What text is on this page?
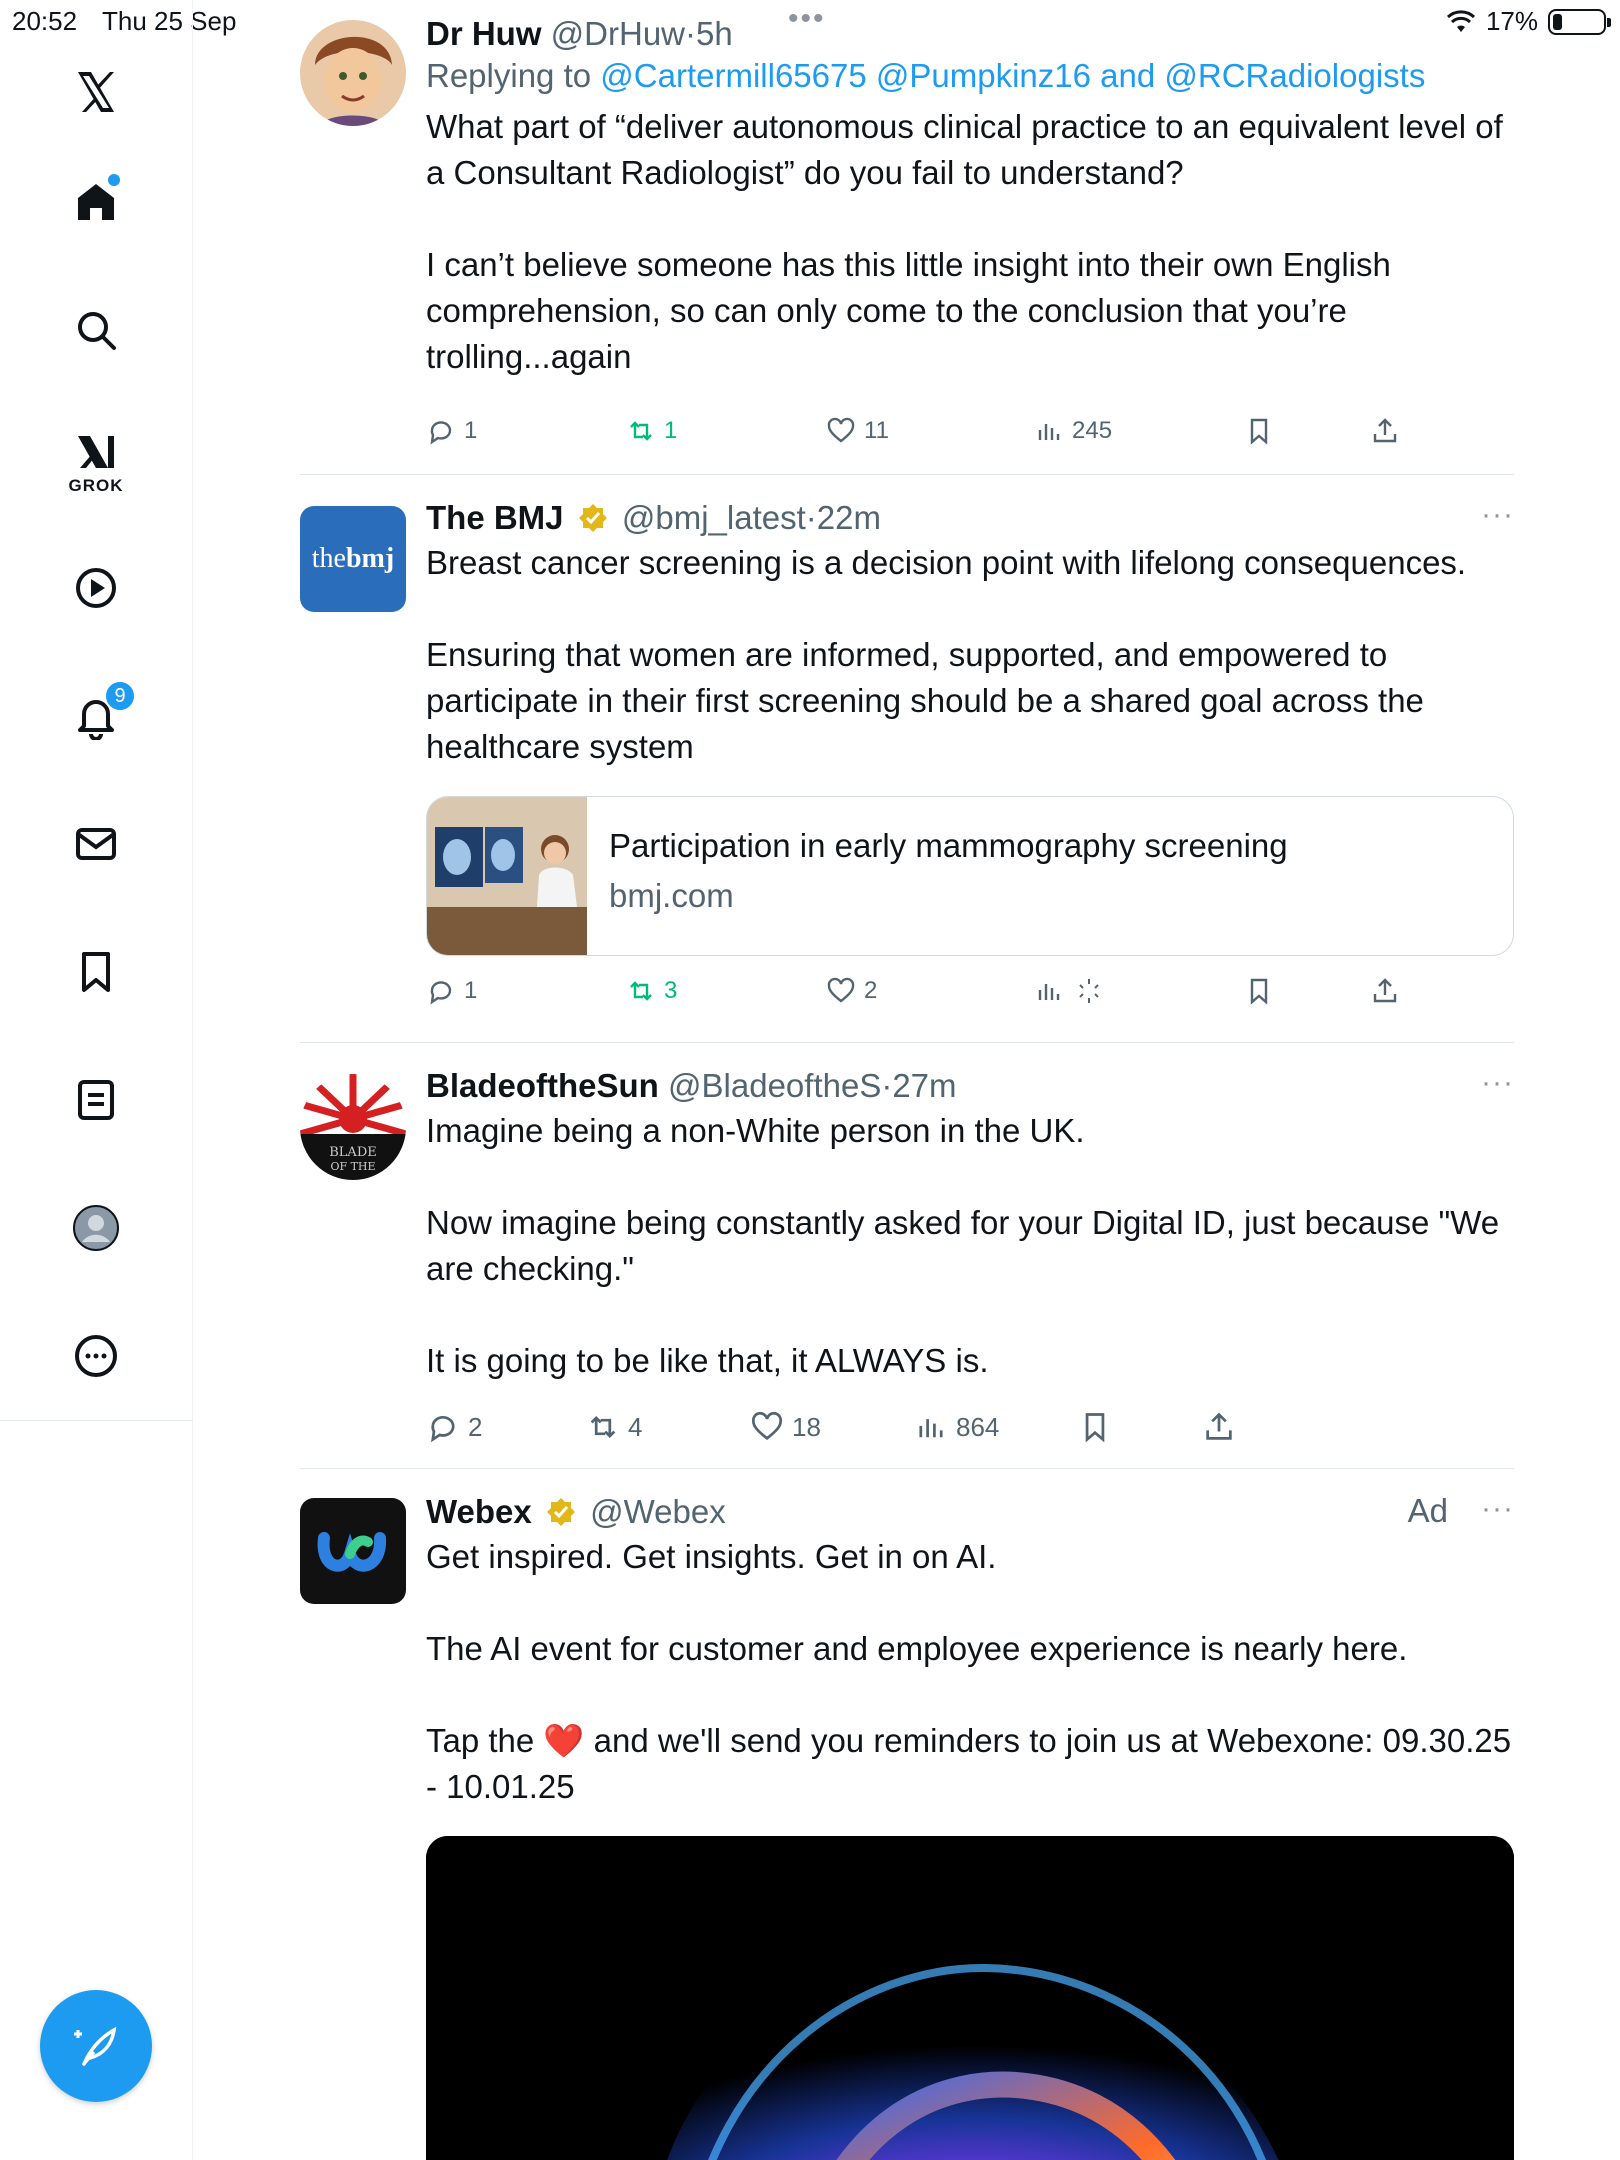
20:52 Thu 25 Sep	•••	17%
GROK
9
Dr Huw @DrHuw·5h
Replying to @Cartermill65675 @Pumpkinz16 and @RCRadiologists
What part of “deliver autonomous clinical practice to an equivalent level of a Consultant Radiologist” do you fail to understand?

I can’t believe someone has this little insight into their own English comprehension, so can only come to the conclusion that you’re trolling...again
1	1	11	245
the bmj
The BMJ @bmj_latest·22m
Breast cancer screening is a decision point with lifelong consequences.

Ensuring that women are informed, supported, and empowered to participate in their first screening should be a shared goal across the healthcare system
···
Participation in early mammography screening
bmj.com
1	3	2
BLADE
OF THE
BladeoftheSun @BladeoftheS·27m
Imagine being a non-White person in the UK.

Now imagine being constantly asked for your Digital ID, just because "We are checking."

It is going to be like that, it ALWAYS is.
···
2	4	18	864
Webex @Webex
Get inspired. Get insights. Get in on AI.

The AI event for customer and employee experience is nearly here.

Tap the ❤️ and we'll send you reminders to join us at Webexone: 09.30.25 - 10.01.25
Ad ···
